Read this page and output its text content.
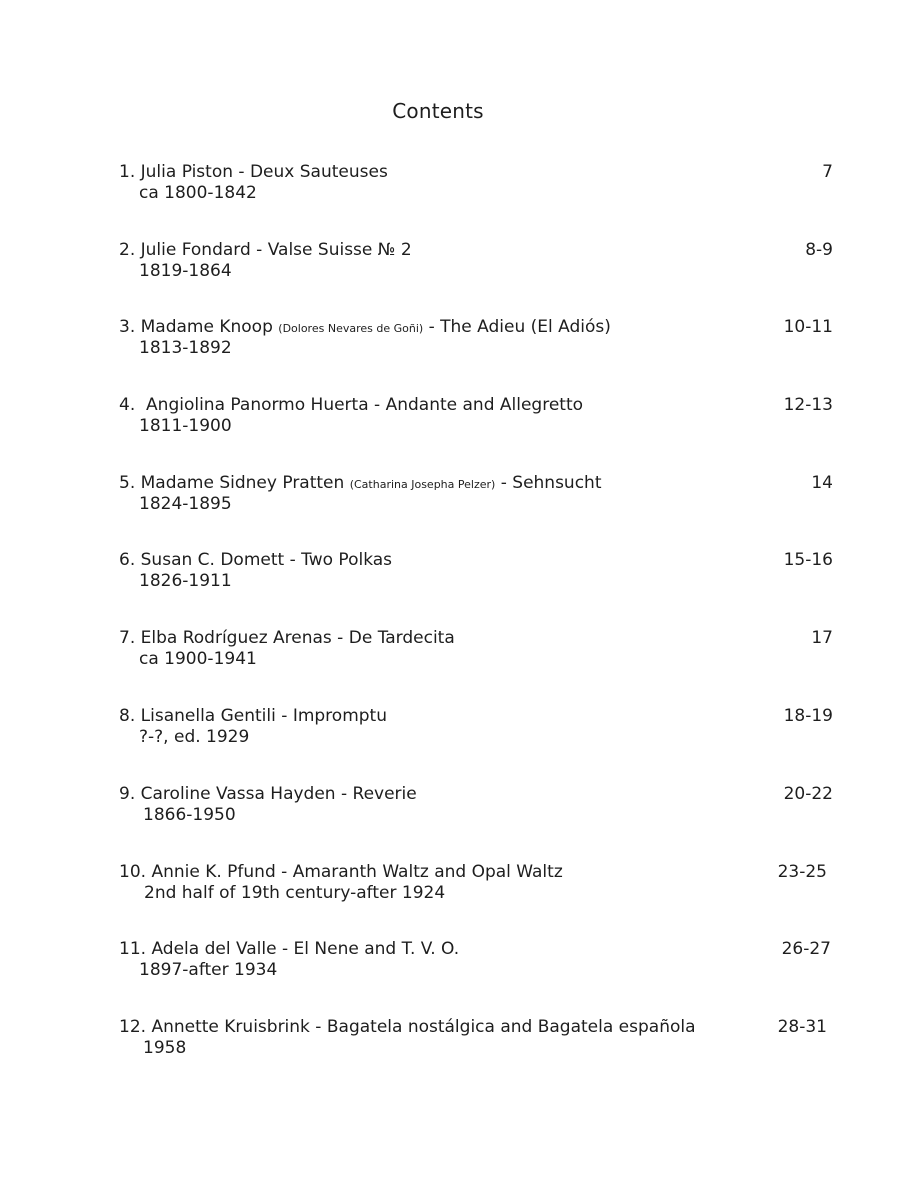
Contents
1. Julia Piston - Deux Sauteuses
ca 1800-1842
7
2. Julie Fondard - Valse Suisse № 2
1819-1864
8-9
3. Madame Knoop (Dolores Nevares de Goñi) - The Adieu (El Adiós)
1813-1892
10-11
4. Angiolina Panormo Huerta - Andante and Allegretto
1811-1900
12-13
5. Madame Sidney Pratten (Catharina Josepha Pelzer) - Sehnsucht
1824-1895
14
6. Susan C. Domett - Two Polkas
1826-1911
15-16
7. Elba Rodríguez Arenas - De Tardecita
ca 1900-1941
17
8. Lisanella Gentili - Impromptu
?-?, ed. 1929
18-19
9. Caroline Vassa Hayden - Reverie
1866-1950
20-22
10. Annie K. Pfund - Amaranth Waltz and Opal Waltz
2nd half of 19th century-after 1924
23-25
11. Adela del Valle - El Nene and T. V. O.
1897-after 1934
26-27
12. Annette Kruisbrink - Bagatela nostálgica and Bagatela española
1958
28-31
